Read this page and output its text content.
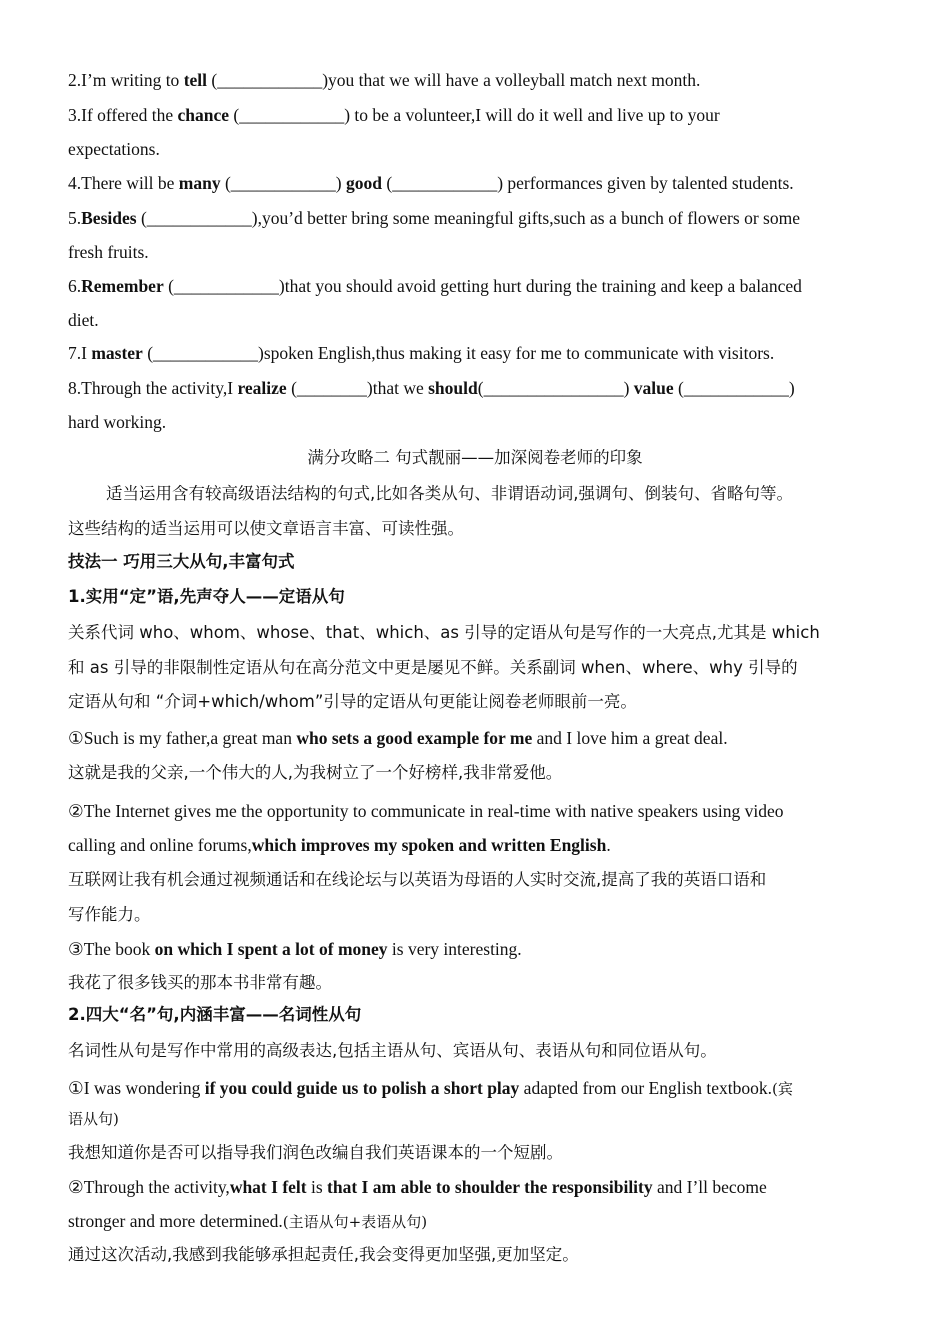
2.I’m writing to tell (____________)you that we will have a volleyball match next month.
3.If offered the chance (____________) to be a volunteer,I will do it well and live up to your
expectations.
4.There will be many (____________) good (____________) performances given by talented students.
5.Besides (____________),you’d better bring some meaningful gifts,such as a bunch of flowers or some
fresh fruits.
6.Remember (____________)that you should avoid getting hurt during the training and keep a balanced
diet.
7.I master (____________)spoken English,thus making it easy for me to communicate with visitors.
8.Through the activity,I realize (________)that we should(________________) value (____________)
hard working.
满分攻略二 句式靓丽——加深阅卷老师的印象
适当运用含有较高级语法结构的句式,比如各类从句、非谓语动词,强调句、倒装句、省略句等。
这些结构的适当运用可以使文章语言丰富、可读性强。
技法一 巧用三大从句,丰富句式
1.实用“定”语,先声夺人——定语从句
关系代词 who、whom、whose、that、which、as 引导的定语从句是写作的一大亮点,尤其是 which
和 as 引导的非限制性定语从句在高分范文中更是屡见不鲜。关系副词 when、where、why 引导的
定语从句和 “介词+which/whom”引导的定语从句更能让阅卷老师眼前一亮。
①Such is my father,a great man who sets a good example for me and I love him a great deal.
这就是我的父亲,一个伟大的人,为我树立了一个好榜样,我非常爱他。
②The Internet gives me the opportunity to communicate in real-time with native speakers using video
calling and online forums,which improves my spoken and written English.
互联网让我有机会通过视频通话和在线论坛与以英语为母语的人实时交流,提高了我的英语口语和
写作能力。
③The book on which I spent a lot of money is very interesting.
我花了很多钱买的那本书非常有趣。
2.四大“名”句,内涵丰富——名词性从句
名词性从句是写作中常用的高级表达,包括主语从句、宾语从句、表语从句和同位语从句。
①I was wondering if you could guide us to polish a short play adapted from our English textbook.(宾
语从句)
我想知道你是否可以指导我们润色改编自我们英语课本的一个短剧。
②Through the activity,what I felt is that I am able to shoulder the responsibility and I’ll become
stronger and more determined.(主语从句+表语从句)
通过这次活动,我感到我能够承担起责任,我会变得更加坚强,更加坚定。
